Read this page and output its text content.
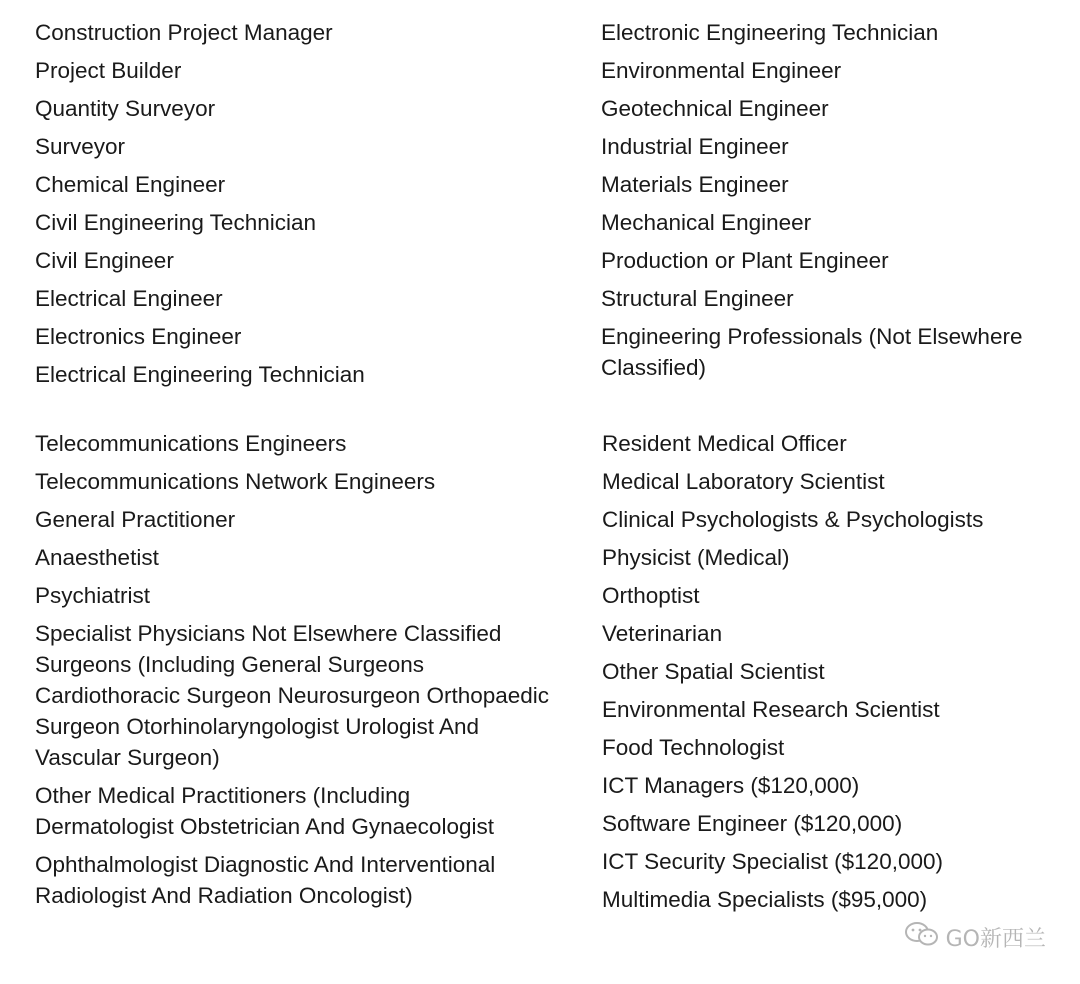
Construction Project Manager
Project Builder
Quantity Surveyor
Surveyor
Chemical Engineer
Civil Engineering Technician
Civil Engineer
Electrical Engineer
Electronics Engineer
Electrical Engineering Technician
Electronic Engineering Technician
Environmental Engineer
Geotechnical Engineer
Industrial Engineer
Materials Engineer
Mechanical Engineer
Production or Plant Engineer
Structural Engineer
Engineering Professionals (Not Elsewhere Classified)
Telecommunications Engineers
Telecommunications Network Engineers
General Practitioner
Anaesthetist
Psychiatrist
Specialist Physicians Not Elsewhere Classified Surgeons (Including General Surgeons Cardiothoracic Surgeon Neurosurgeon Orthopaedic Surgeon Otorhinolaryngologist Urologist And Vascular Surgeon)
Other Medical Practitioners (Including Dermatologist Obstetrician And Gynaecologist
Ophthalmologist Diagnostic And Interventional Radiologist And Radiation Oncologist)
Resident Medical Officer
Medical Laboratory Scientist
Clinical Psychologists & Psychologists
Physicist (Medical)
Orthoptist
Veterinarian
Other Spatial Scientist
Environmental Research Scientist
Food Technologist
ICT Managers ($120,000)
Software Engineer ($120,000)
ICT Security Specialist ($120,000)
Multimedia Specialists ($95,000)
GO新西兰
